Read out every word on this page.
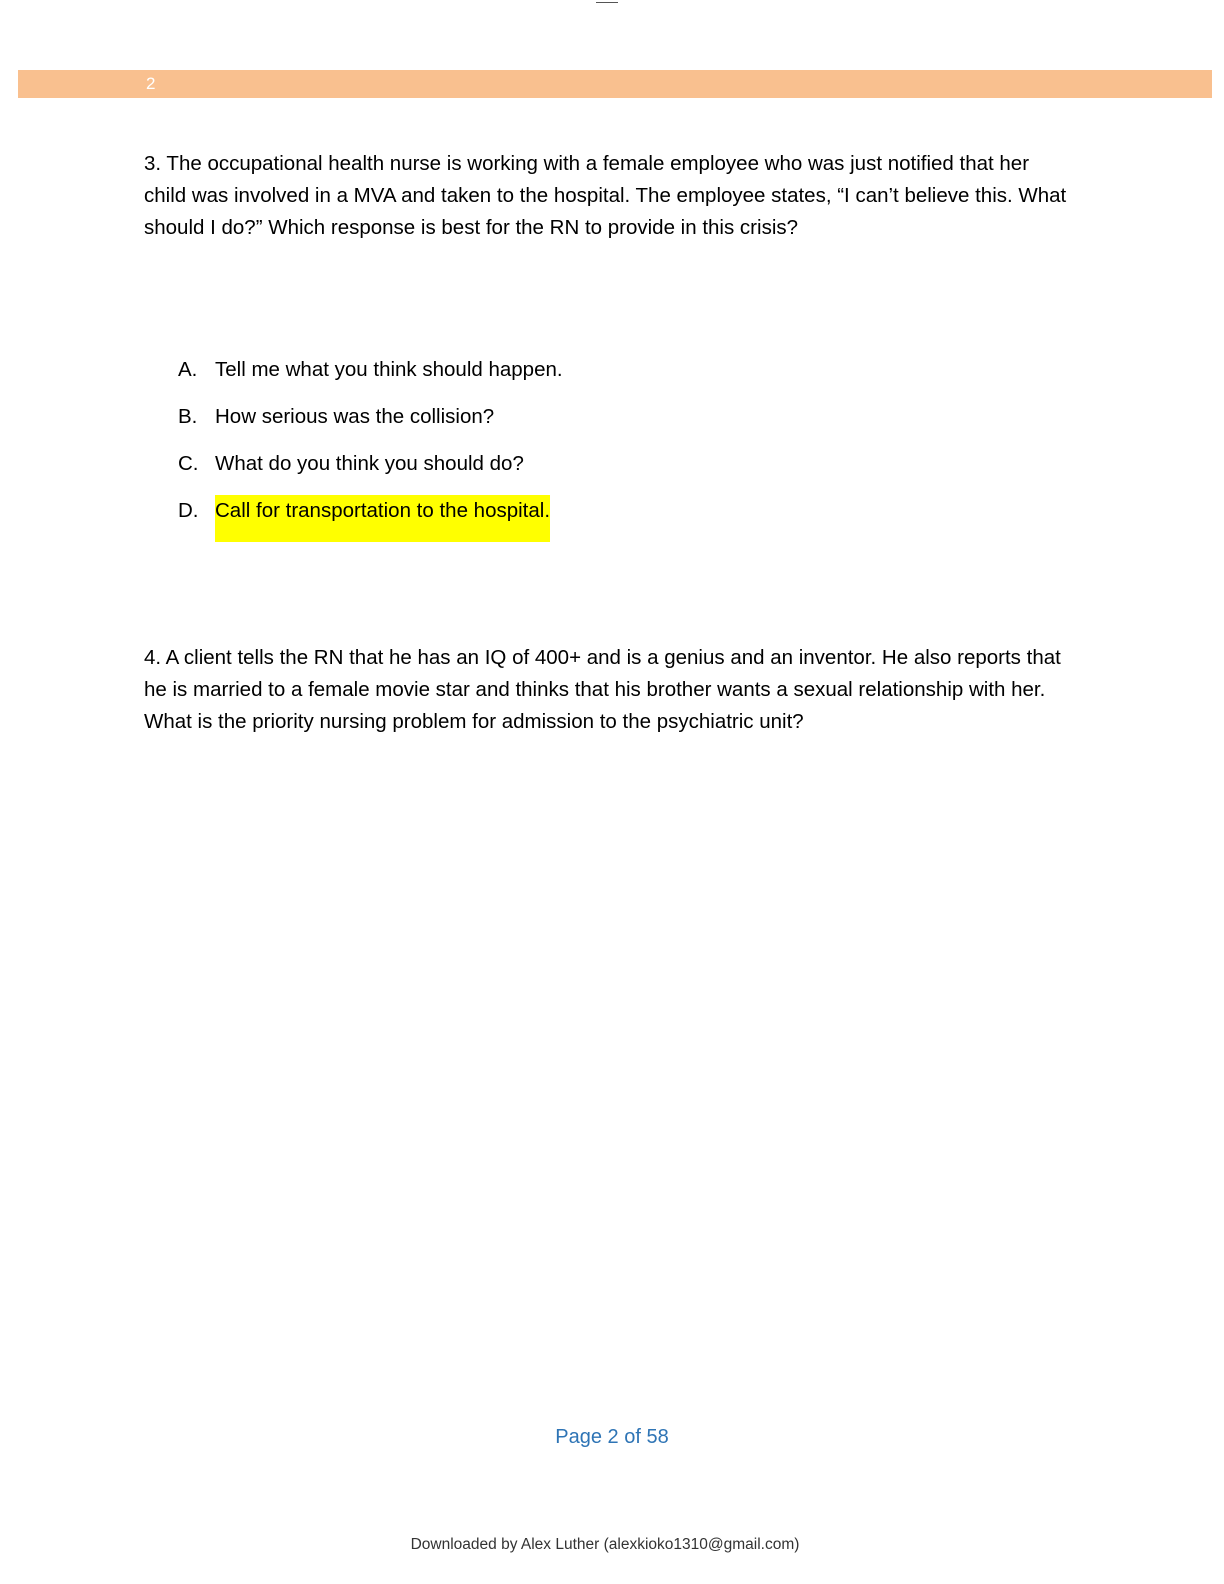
2
3. The occupational health nurse is working with a female employee who was just notified that her child was involved in a MVA and taken to the hospital. The employee states, “I can’t believe this. What should I do?” Which response is best for the RN to provide in this crisis?
A. Tell me what you think should happen.
B. How serious was the collision?
C. What do you think you should do?
D. Call for transportation to the hospital.
4. A client tells the RN that he has an IQ of 400+ and is a genius and an inventor. He also reports that he is married to a female movie star and thinks that his brother wants a sexual relationship with her. What is the priority nursing problem for admission to the psychiatric unit?
Page 2 of 58
Downloaded by Alex Luther (alexkioko1310@gmail.com)
